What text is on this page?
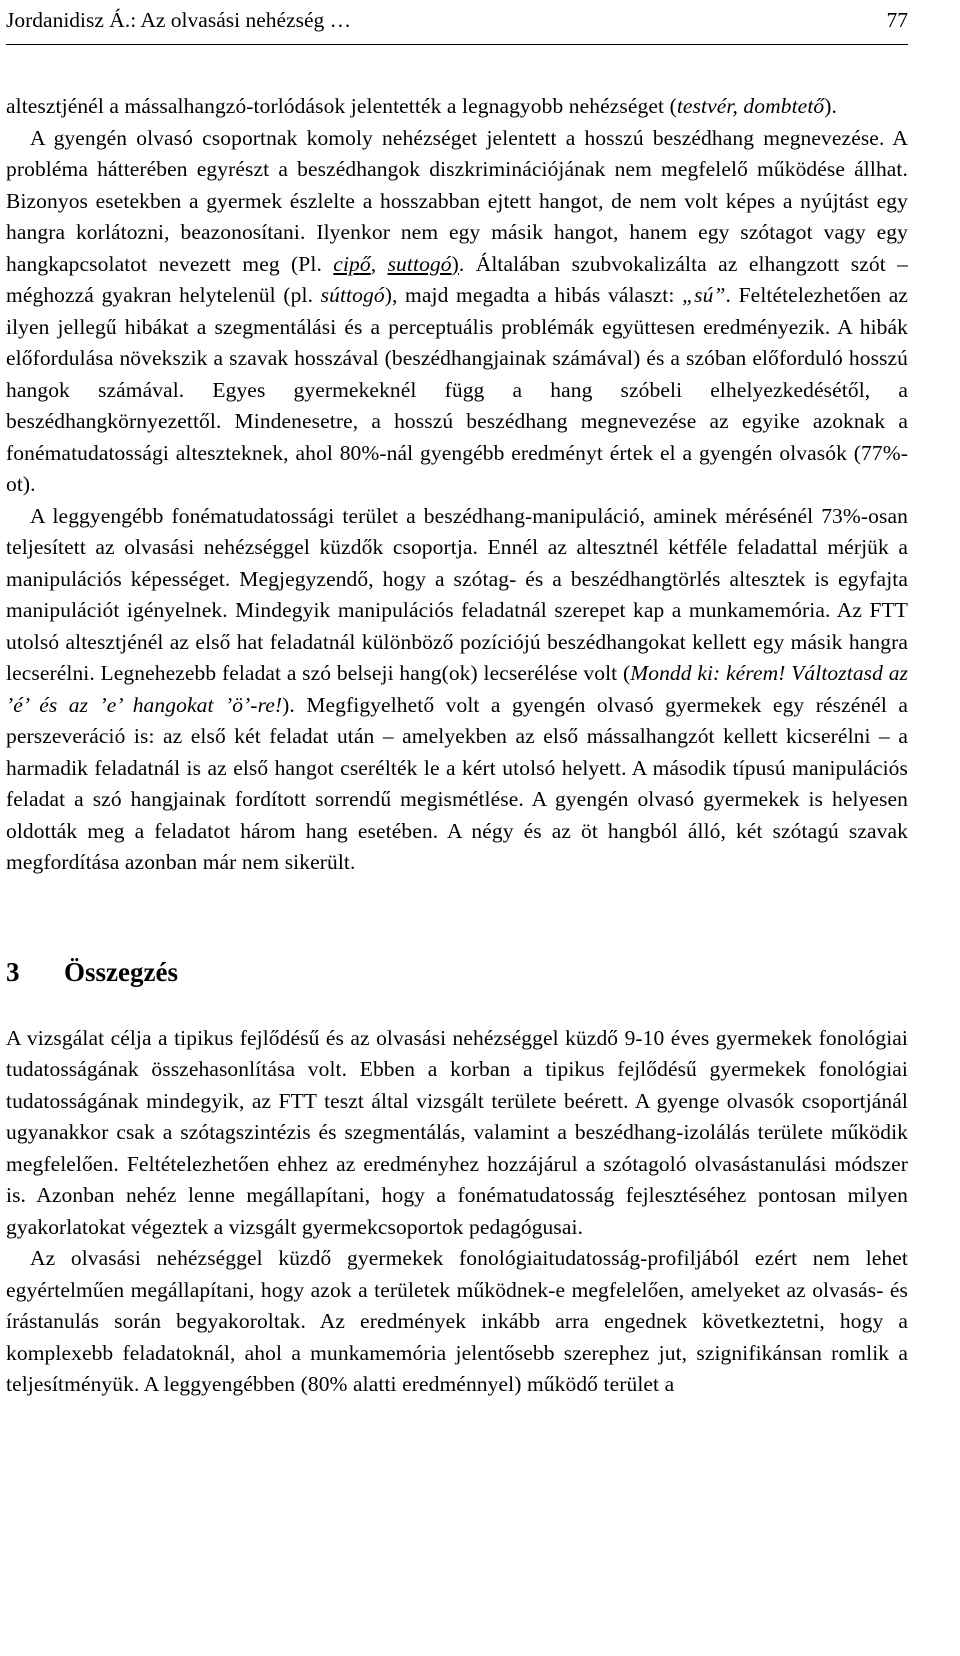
Jordanidisz Á.: Az olvasási nehézség …	77

altesztjénél a mássalhangzó-torlódások jelentették a legnagyobb nehézséget (testvér, dombtető).

A gyengén olvasó csoportnak komoly nehézséget jelentett a hosszú beszédhang megnevezése. A probléma hátterében egyrészt a beszédhangok diszkriminációjának nem megfelelő működése állhat. Bizonyos esetekben a gyermek észlelte a hosszabban ejtett hangot, de nem volt képes a nyújtást egy hangra korlátozni, beazonosítani. Ilyenkor nem egy másik hangot, hanem egy szótagot vagy egy hangkapcsolatot nevezett meg (Pl. cipő, suttogó). Általában szubvokalizálta az elhangzott szót – méghozzá gyakran helytelenül (pl. súttogó), majd megadta a hibás választ: „sú”. Feltételezhetően az ilyen jellegű hibákat a szegmentálási és a perceptuális problémák együttesen eredményezik. A hibák előfordulása növekszik a szavak hosszával (beszédhangjainak számával) és a szóban előforduló hosszú hangok számával. Egyes gyermekeknél függ a hang szóbeli elhelyezkedésétől, a beszédhangkörnyezettől. Mindenesetre, a hosszú beszédhang megnevezése az egyike azoknak a fonématudatossági alteszteknek, ahol 80%-nál gyengébb eredményt értek el a gyengén olvasók (77%-ot).

A leggyengébb fonématudatossági terület a beszédhang-manipuláció, aminek mérésénél 73%-osan teljesített az olvasási nehézséggel küzdők csoportja. Ennél az altesztnél kétféle feladattal mérjük a manipulációs képességet. Megjegyzendő, hogy a szótag- és a beszédhangtörlés altesztek is egyfajta manipulációt igényelnek. Mindegyik manipulációs feladatnál szerepet kap a munkamemória. Az FTT utolsó altesztjénél az első hat feladatnál különböző pozíciójú beszédhangokat kellett egy másik hangra lecserélni. Legnehezebb feladat a szó belseji hang(ok) lecserélése volt (Mondd ki: kérem! Változtasd az ’é’ és az ’e’ hangokat ’ö’-re!). Megfigyelhető volt a gyengén olvasó gyermekek egy részénél a perszeveráció is: az első két feladat után – amelyekben az első mássalhangzót kellett kicserélni – a harmadik feladatnál is az első hangot cserélték le a kért utolsó helyett. A második típusú manipulációs feladat a szó hangjainak fordított sorrendű megismétlése. A gyengén olvasó gyermekek is helyesen oldották meg a feladatot három hang esetében. A négy és az öt hangból álló, két szótagú szavak megfordítása azonban már nem sikerült.

3	Összegzés

A vizsgálat célja a tipikus fejlődésű és az olvasási nehézséggel küzdő 9-10 éves gyermekek fonológiai tudatosságának összehasonlítása volt. Ebben a korban a tipikus fejlődésű gyermekek fonológiai tudatosságának mindegyik, az FTT teszt által vizsgált területe beérett. A gyenge olvasók csoportjánál ugyanakkor csak a szótagszintézis és szegmentálás, valamint a beszédhang-izolálás területe működik megfelelően. Feltételezhetően ehhez az eredményhez hozzájárul a szótagoló olvasástanulási módszer is. Azonban nehéz lenne megállapítani, hogy a fonématudatosság fejlesztéséhez pontosan milyen gyakorlatokat végeztek a vizsgált gyermekcsoportok pedagógusai.

Az olvasási nehézséggel küzdő gyermekek fonológiaitudatosság-profiljából ezért nem lehet egyértelműen megállapítani, hogy azok a területek működnek-e megfelelően, amelyeket az olvasás- és írástanulás során begyakoroltak. Az eredmények inkább arra engednek következtetni, hogy a komplexebb feladatoknál, ahol a munkamemória jelentősebb szerephez jut, szignifikánsan romlik a teljesítményük. A leggyengébben (80% alatti eredménnyel) működő terület a
